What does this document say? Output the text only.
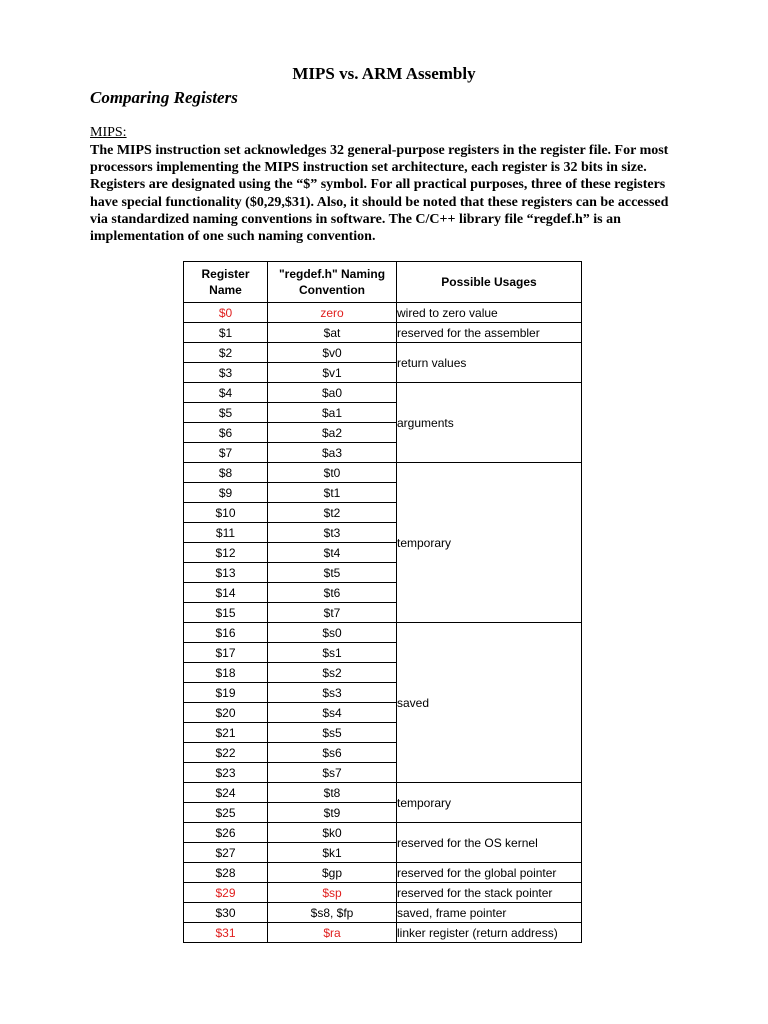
MIPS vs. ARM Assembly
Comparing Registers
MIPS:

The MIPS instruction set acknowledges 32 general-purpose registers in the register file. For most processors implementing the MIPS instruction set architecture, each register is 32 bits in size. Registers are designated using the “$” symbol. For all practical purposes, three of these registers have special functionality ($0,29,$31). Also, it should be noted that these registers can be accessed via standardized naming conventions in software. The C/C++ library file “regdef.h” is an implementation of one such naming convention.

Register Name	"regdef.h" Naming Convention	Possible Usages
$0	zero	wired to zero value
$1	$at	reserved for the assembler
$2	$v0	return values
$3	$v1	
$4	$a0	arguments
$5	$a1	
$6	$a2	
$7	$a3	
$8	$t0	temporary
$9	$t1	
$10	$t2	
$11	$t3	
$12	$t4	
$13	$t5	
$14	$t6	
$15	$t7	
$16	$s0	saved
$17	$s1	
$18	$s2	
$19	$s3	
$20	$s4	
$21	$s5	
$22	$s6	
$23	$s7	
$24	$t8	temporary
$25	$t9	
$26	$k0	reserved for the OS kernel
$27	$k1	
$28	$gp	reserved for the global pointer
$29	$sp	reserved for the stack pointer
$30	$s8, $fp	saved, frame pointer
$31	$ra	linker register (return address)
